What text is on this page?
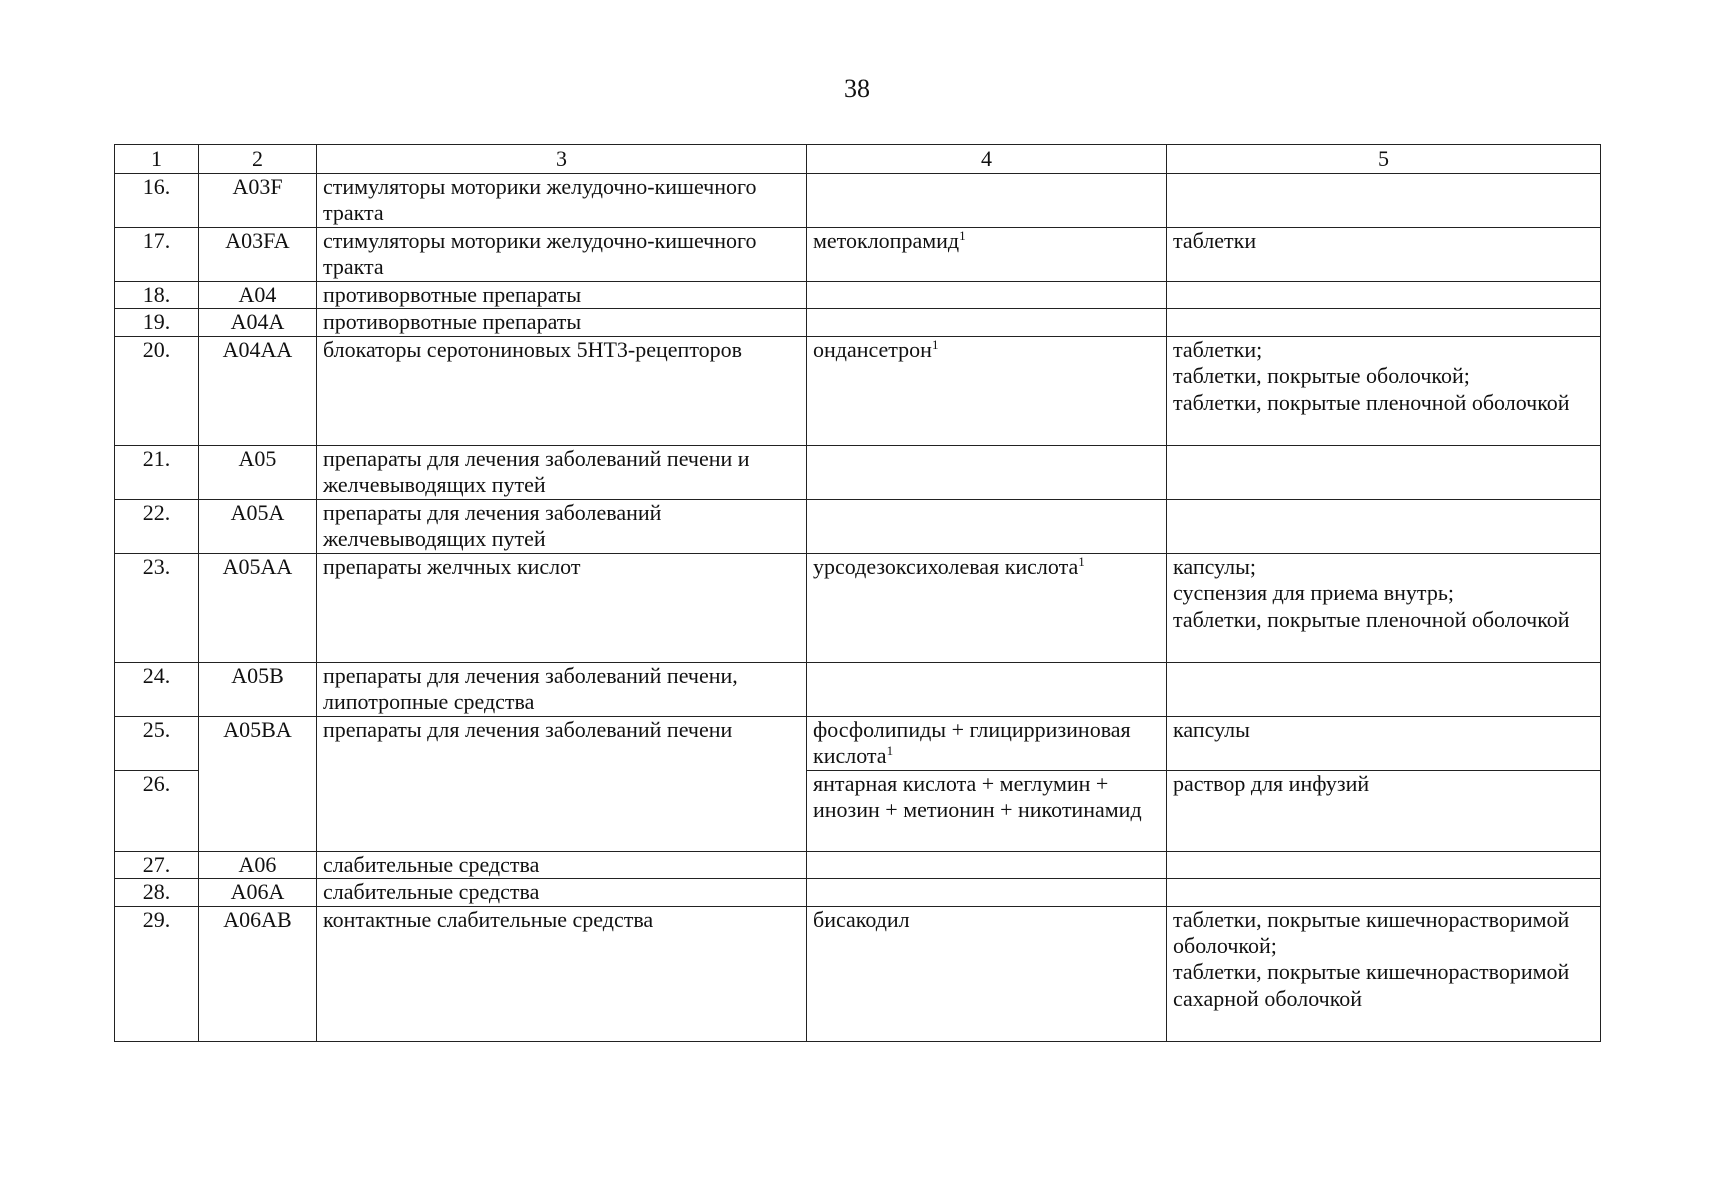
38
1	2	3	4	5
16.	A03F	стимуляторы моторики желудочно-кишечного тракта		
17.	A03FA	стимуляторы моторики желудочно-кишечного тракта	метоклопрамид$^1$	таблетки
18.	A04	противорвотные препараты		
19.	A04A	противорвотные препараты		
20.	A04AA	блокаторы серотониновых 5HT3-рецепторов	ондансетрон$^1$	таблетки;
таблетки, покрытые оболочкой;
таблетки, покрытые пленочной оболочкой
21.	A05	препараты для лечения заболеваний печени и желчевыводящих путей		
22.	A05A	препараты для лечения заболеваний желчевыводящих путей		
23.	A05AA	препараты желчных кислот	урсодезоксихолевая кислота$^1$	капсулы;
суспензия для приема внутрь;
таблетки, покрытые пленочной оболочкой
24.	A05B	препараты для лечения заболеваний печени, липотропные средства		
25.	A05BA	препараты для лечения заболеваний печени	фосфолипиды + глицирризиновая кислота$^1$	капсулы
26.			янтарная кислота + меглумин + инозин + метионин + никотинамид	раствор для инфузий
27.	A06	слабительные средства		
28.	A06A	слабительные средства		
29.	A06AB	контактные слабительные средства	бисакодил	таблетки, покрытые кишечнорастворимой оболочкой;
таблетки, покрытые кишечнорастворимой сахарной оболочкой
